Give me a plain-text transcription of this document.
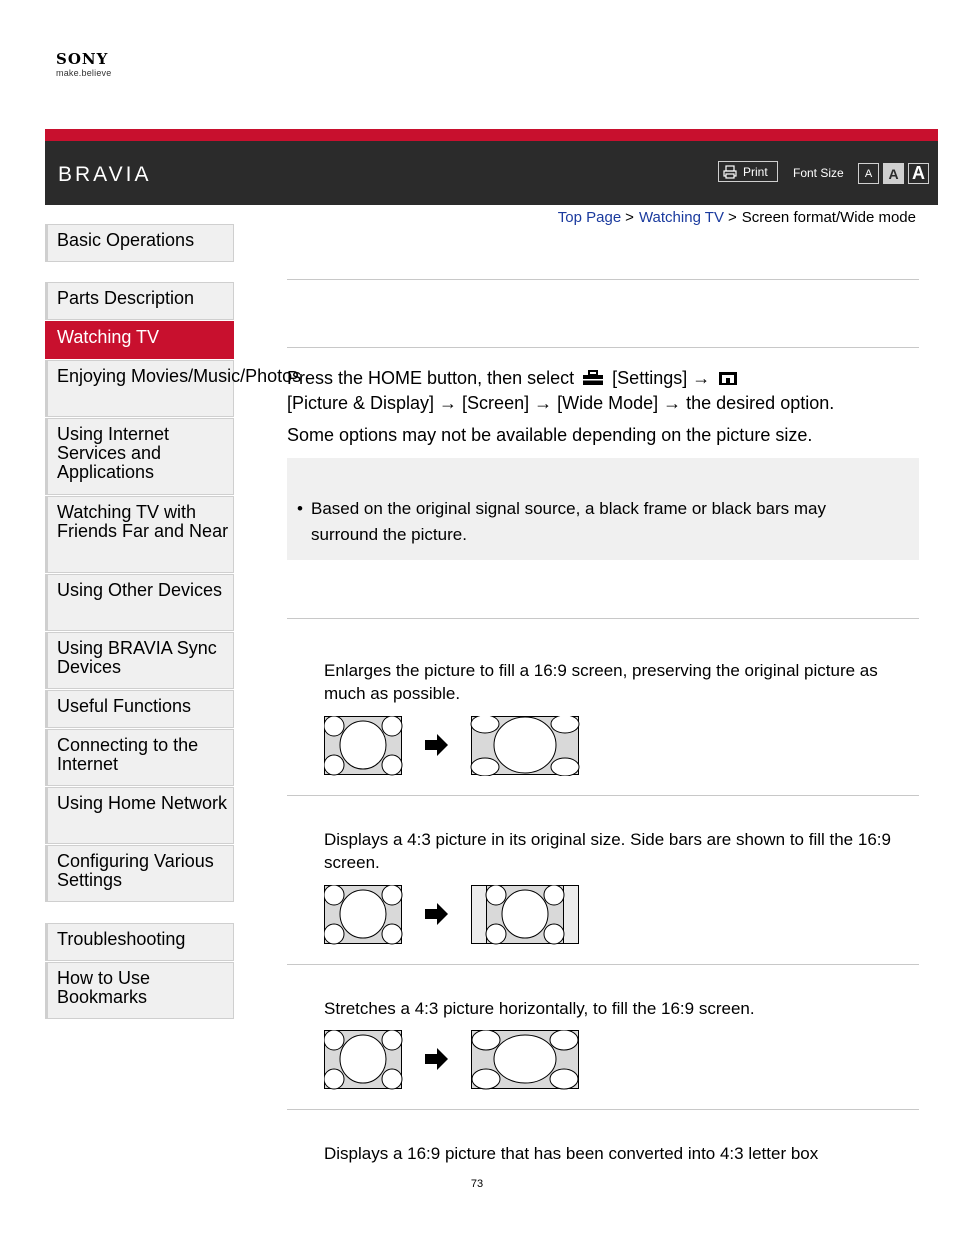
SONY
make.believe
BRAVIA	Print Font Size	A	A A
Top Page > Watching TV > Screen format/Wide mode
Basic Operations
Parts Description
Watching TV
Enjoying Movies/Music/Photos
Using Internet Services and Applications
Watching TV with Friends Far and Near
Using Other Devices
Using BRAVIA Sync Devices
Useful Functions
Connecting to the Internet
Using Home Network
Configuring Various Settings
Troubleshooting
How to Use Bookmarks
Press the HOME button, then select [Settings] →
[Picture & Display] → [Screen] → [Wide Mode] → the desired option.
Some options may not be available depending on the picture size.
• Based on the original signal source, a black frame or black bars may surround the picture.
Enlarges the picture to fill a 16:9 screen, preserving the original picture as much as possible.
Displays a 4:3 picture in its original size. Side bars are shown to fill the 16:9 screen.
Stretches a 4:3 picture horizontally, to fill the 16:9 screen.
Displays a 16:9 picture that has been converted into 4:3 letter box
73
